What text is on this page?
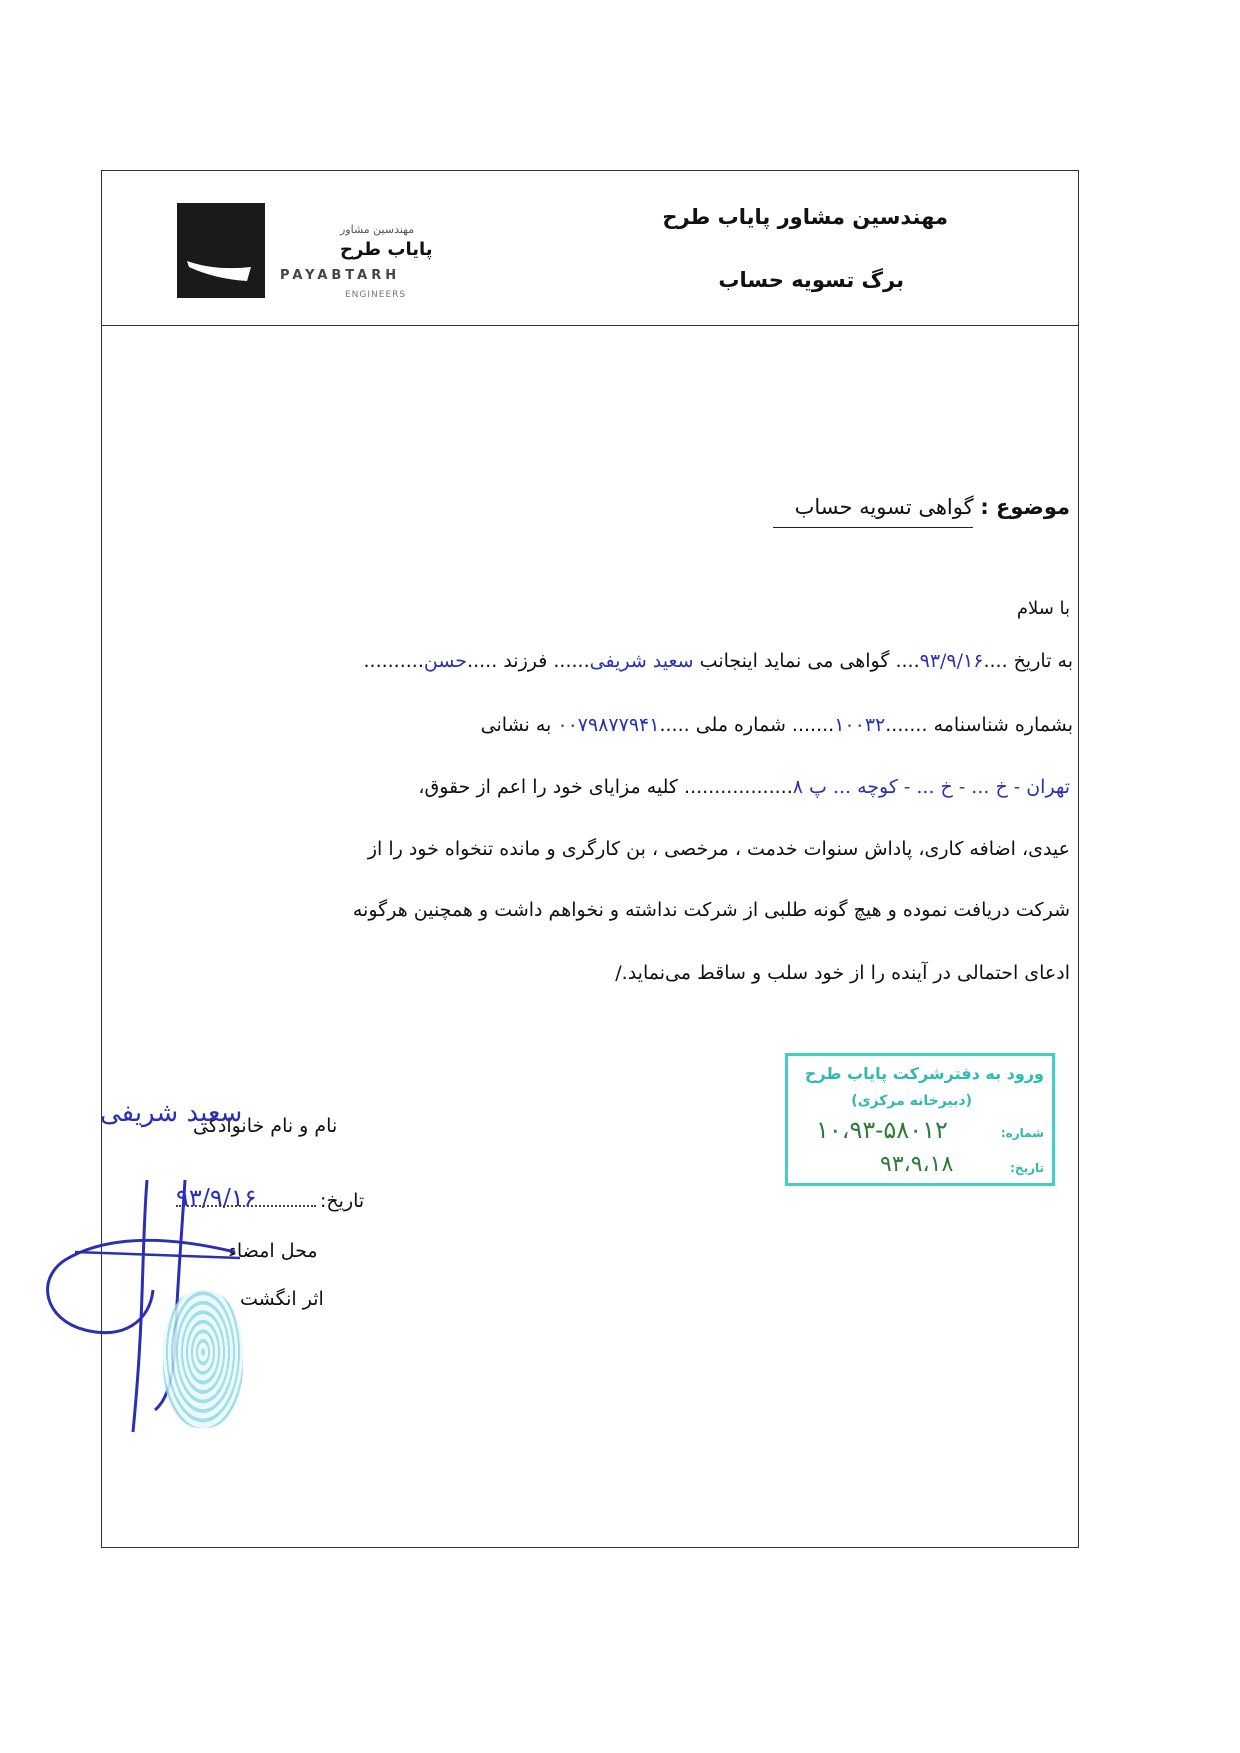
مهندسین مشاور
پایاب طرح
PAYABTARH
ENGINEERS
مهندسین مشاور پایاب طرح
برگ تسویه حساب
موضوع : گواهی تسویه حساب
با سلام
به تاریخ ....۹۳/۹/۱۶.... گواهی می نماید اینجانب سعید شریفی...... فرزند .....حسن..........
بشماره شناسنامه .......۱۰۰۳۲....... شماره ملی .....۰۰۷۹۸۷۷۹۴۱ به نشانی
تهران - خ ... - خ ... - کوچه ... پ ۸.................. کلیه مزایای خود را اعم از حقوق،
عیدی، اضافه کاری، پاداش سنوات خدمت ، مرخصی ، بن کارگری و مانده تنخواه خود را از
شرکت دریافت نموده و هیچ گونه طلبی از شرکت نداشته و نخواهم داشت و همچنین هرگونه
ادعای احتمالی در آینده را از خود سلب و ساقط می‌نماید./
ورود به دفترشرکت پایاب طرح
(دبیرخانه مرکزی)
شماره:
تاریخ:
۱۰،۹۳-۵۸۰۱۲
۹۳،۹،۱۸
نام و نام خانوادگی
سعید شریفی
تاریخ:
۹۳/۹/۱۶
محل امضاء
اثر انگشت
